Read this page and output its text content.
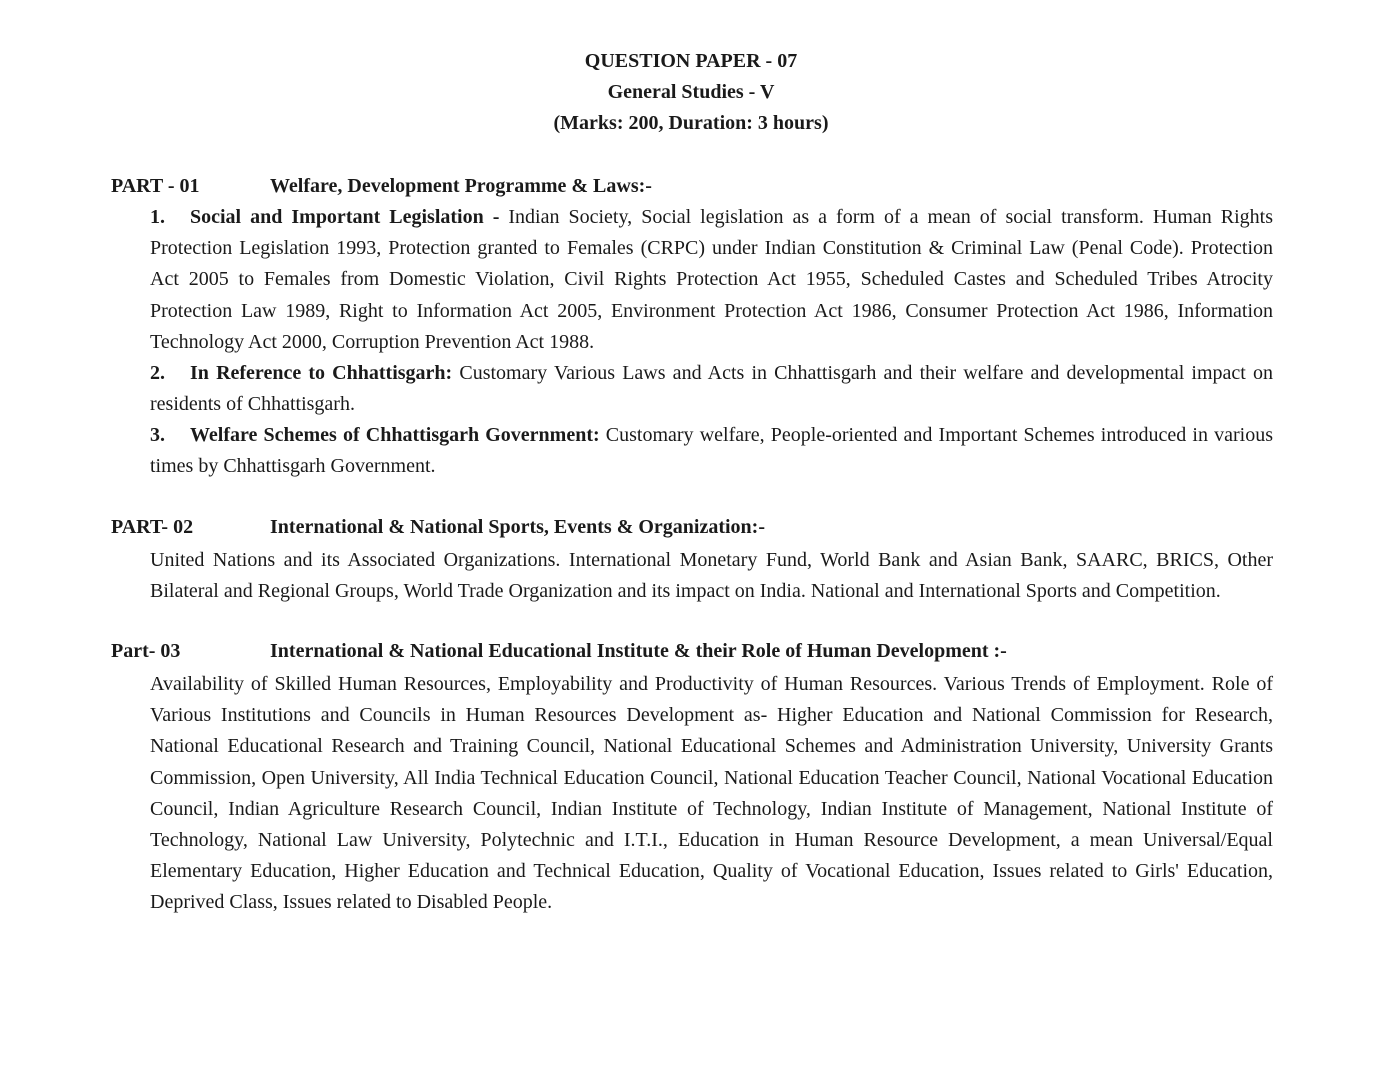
QUESTION PAPER - 07
General Studies - V
(Marks: 200, Duration: 3 hours)
PART - 01	Welfare, Development Programme & Laws:-
1. Social and Important Legislation - Indian Society, Social legislation as a form of a mean of social transform. Human Rights Protection Legislation 1993, Protection granted to Females (CRPC) under Indian Constitution & Criminal Law (Penal Code). Protection Act 2005 to Females from Domestic Violation, Civil Rights Protection Act 1955, Scheduled Castes and Scheduled Tribes Atrocity Protection Law 1989, Right to Information Act 2005, Environment Protection Act 1986, Consumer Protection Act 1986, Information Technology Act 2000, Corruption Prevention Act 1988.
2. In Reference to Chhattisgarh: Customary Various Laws and Acts in Chhattisgarh and their welfare and developmental impact on residents of Chhattisgarh.
3. Welfare Schemes of Chhattisgarh Government: Customary welfare, People-oriented and Important Schemes introduced in various times by Chhattisgarh Government.
PART- 02	International & National Sports, Events & Organization:-
United Nations and its Associated Organizations. International Monetary Fund, World Bank and Asian Bank, SAARC, BRICS, Other Bilateral and Regional Groups, World Trade Organization and its impact on India. National and International Sports and Competition.
Part- 03	International & National Educational Institute & their Role of Human Development :-
Availability of Skilled Human Resources, Employability and Productivity of Human Resources. Various Trends of Employment. Role of Various Institutions and Councils in Human Resources Development as- Higher Education and National Commission for Research, National Educational Research and Training Council, National Educational Schemes and Administration University, University Grants Commission, Open University, All India Technical Education Council, National Education Teacher Council, National Vocational Education Council, Indian Agriculture Research Council, Indian Institute of Technology, Indian Institute of Management, National Institute of Technology, National Law University, Polytechnic and I.T.I., Education in Human Resource Development, a mean Universal/Equal Elementary Education, Higher Education and Technical Education, Quality of Vocational Education, Issues related to Girls' Education, Deprived Class, Issues related to Disabled People.
